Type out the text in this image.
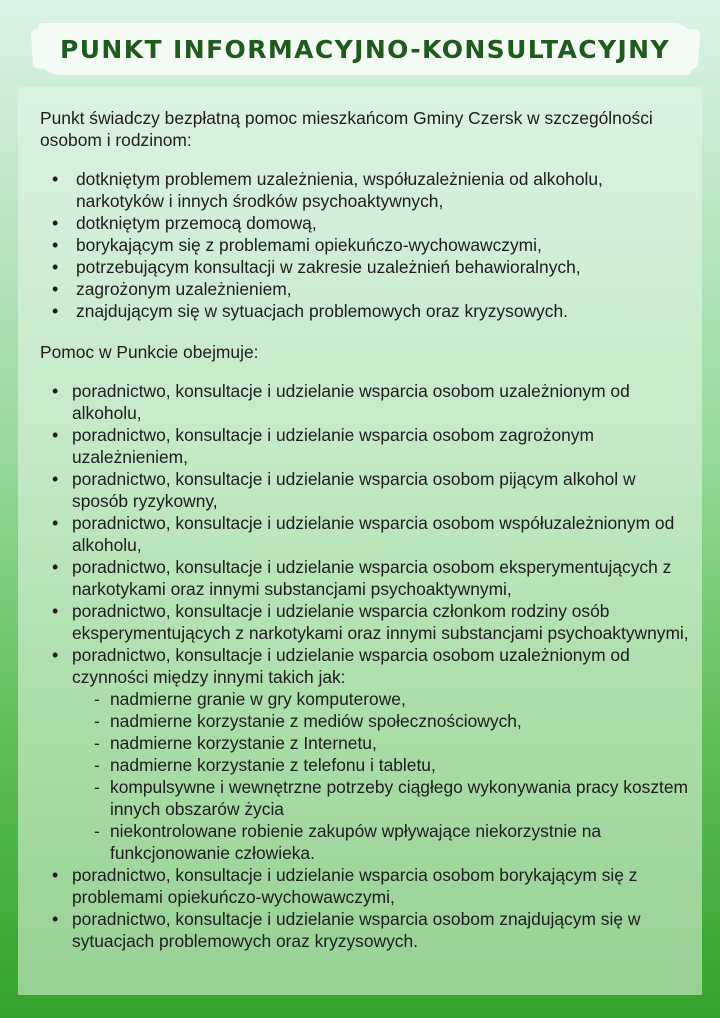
PUNKT INFORMACYJNO-KONSULTACYJNY

Punkt świadczy bezpłatną pomoc mieszkańcom Gminy Czersk w szczególności osobom i rodzinom:

• dotkniętym problemem uzależnienia, współuzależnienia od alkoholu, narkotyków i innych środków psychoaktywnych,
• dotkniętym przemocą domową,
• borykającym się z problemami opiekuńczo-wychowawczymi,
• potrzebującym konsultacji w zakresie uzależnień behawioralnych,
• zagrożonym uzależnieniem,
• znajdującym się w sytuacjach problemowych oraz kryzysowych.

Pomoc w Punkcie obejmuje:

• poradnictwo, konsultacje i udzielanie wsparcia osobom uzależnionym od alkoholu,
• poradnictwo, konsultacje i udzielanie wsparcia osobom zagrożonym uzależnieniem,
• poradnictwo, konsultacje i udzielanie wsparcia osobom pijącym alkohol w sposób ryzykowny,
• poradnictwo, konsultacje i udzielanie wsparcia osobom współuzależnionym od alkoholu,
• poradnictwo, konsultacje i udzielanie wsparcia osobom eksperymentujących z narkotykami oraz innymi substancjami psychoaktywnymi,
• poradnictwo, konsultacje i udzielanie wsparcia członkom rodziny osób eksperymentujących z narkotykami oraz innymi substancjami psychoaktywnymi,
• poradnictwo, konsultacje i udzielanie wsparcia osobom uzależnionym od czynności między innymi takich jak:
- nadmierne granie w gry komputerowe,
- nadmierne korzystanie z mediów społecznościowych,
- nadmierne korzystanie z Internetu,
- nadmierne korzystanie z telefonu i tabletu,
- kompulsywne i wewnętrzne potrzeby ciągłego wykonywania pracy kosztem innych obszarów życia
- niekontrolowane robienie zakupów wpływające niekorzystnie na funkcjonowanie człowieka.
• poradnictwo, konsultacje i udzielanie wsparcia osobom borykającym się z problemami opiekuńczo-wychowawczymi,
• poradnictwo, konsultacje i udzielanie wsparcia osobom znajdującym się w sytuacjach problemowych oraz kryzysowych.
